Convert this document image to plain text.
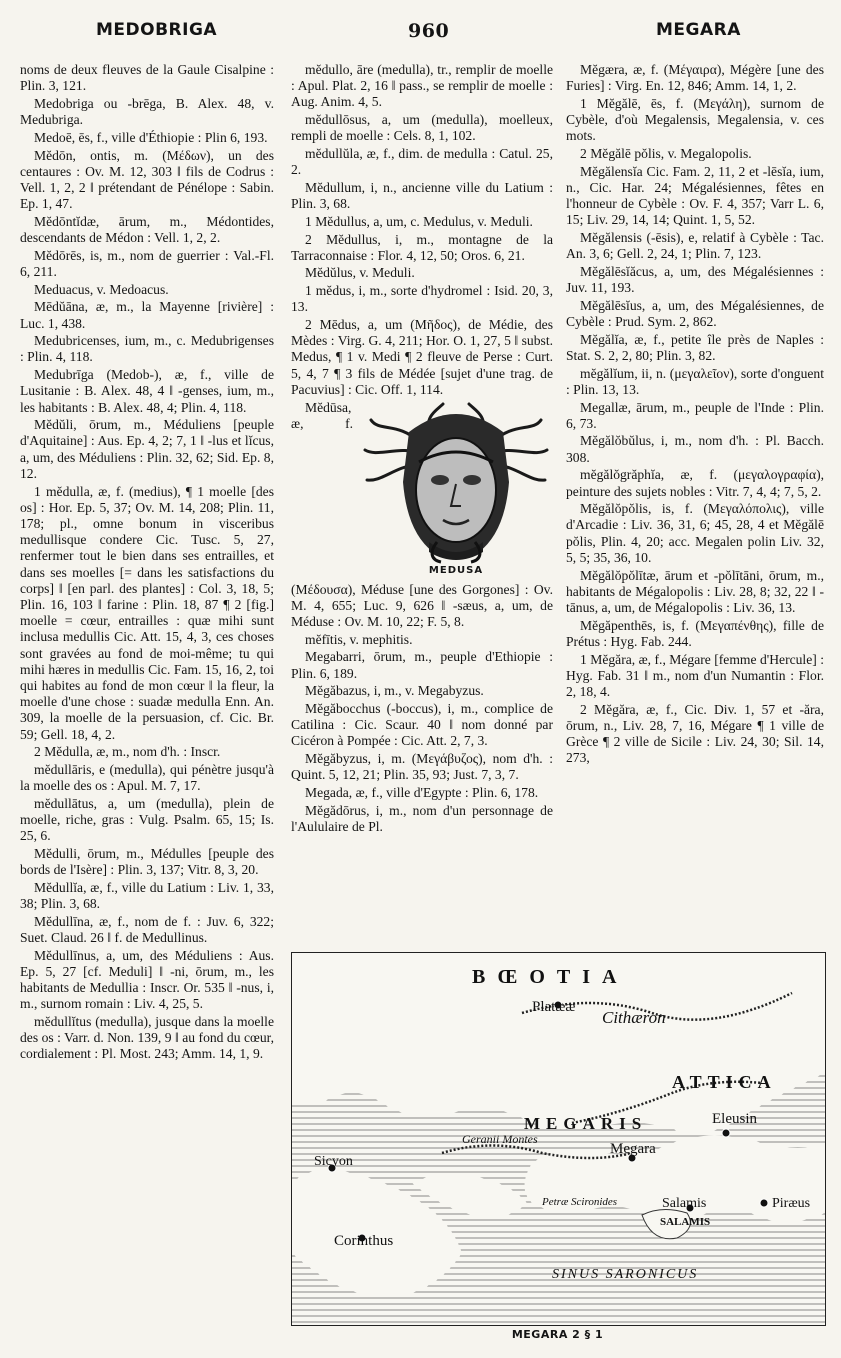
MEDOBRIGA	960	MEGARA

noms de deux fleuves de la Gaule Cisalpine : Plin. 3, 121.

Medobriga ou -brēga, B. Alex. 48, v. Medubriga.

Medoē, ēs, f., ville d'Éthiopie : Plin 6, 193.

Mĕdōn, ontis, m. (Μέδων), un des centaures : Ov. M. 12, 303 ‖ fils de Codrus : Vell. 1, 2, 2 ‖ prétendant de Pénélope : Sabin. Ep. 1, 47.

Mĕdōntĭdæ, ārum, m., Médontides, descendants de Médon : Vell. 1, 2, 2.

Mĕdōrēs, is, m., nom de guerrier : Val.-Fl. 6, 211.

Meduacus, v. Medoacus.

Mēdŭāna, æ, m., la Mayenne [rivière] : Luc. 1, 438.

Medubricenses, ium, m., c. Medubrigenses : Plin. 4, 118.

Medubrīga (Medob-), æ, f., ville de Lusitanie : B. Alex. 48, 4 ‖ -genses, ium, m., les habitants : B. Alex. 48, 4; Plin. 4, 118.

Mĕdŭli, ōrum, m., Méduliens [peuple d'Aquitaine] : Aus. Ep. 4, 2; 7, 1 ‖ -lus et lĭcus, a, um, des Méduliens : Plin. 32, 62; Sid. Ep. 8, 12.

1 mĕdulla, æ, f. (medius), ¶ 1 moelle [des os] : Hor. Ep. 5, 37; Ov. M. 14, 208; Plin. 11, 178; pl., omne bonum in visceribus medullisque condere Cic. Tusc. 5, 27, renfermer tout le bien dans ses entrailles, et dans ses moelles [= dans les satisfactions du corps] ‖ [en parl. des plantes] : Col. 3, 18, 5; Plin. 16, 103 ‖ farine : Plin. 18, 87 ¶ 2 [fig.] moelle = cœur, entrailles : quæ mihi sunt inclusa medullis Cic. Att. 15, 4, 3, ces choses sont gravées au fond de moi-même; tu qui mihi hæres in medullis Cic. Fam. 15, 16, 2, toi qui habites au fond de mon cœur ‖ la fleur, la moelle d'une chose : suadæ medulla Enn. An. 309, la moelle de la persuasion, cf. Cic. Br. 59; Gell. 18, 4, 2.

2 Mĕdulla, æ, m., nom d'h. : Inscr.

mĕdullāris, e (medulla), qui pénètre jusqu'à la moelle des os : Apul. M. 7, 17.

mĕdullātus, a, um (medulla), plein de moelle, riche, gras : Vulg. Psalm. 65, 15; Is. 25, 6.

Mĕdulli, ōrum, m., Médulles [peuple des bords de l'Isère] : Plin. 3, 137; Vitr. 8, 3, 20.

Mĕdullĭa, æ, f., ville du Latium : Liv. 1, 33, 38; Plin. 3, 68.

Mĕdullīna, æ, f., nom de f. : Juv. 6, 322; Suet. Claud. 26 ‖ f. de Medullinus.

Mĕdullīnus, a, um, des Méduliens : Aus. Ep. 5, 27 [cf. Meduli] ‖ -ni, ōrum, m., les habitants de Medullia : Inscr. Or. 535 ‖ -nus, i, m., surnom romain : Liv. 4, 25, 5.

mĕdullĭtus (medulla), jusque dans la moelle des os : Varr. d. Non. 139, 9 ‖ au fond du cœur, cordialement : Pl. Most. 243; Amm. 14, 1, 9.

mĕdullo, āre (medulla), tr., remplir de moelle : Apul. Plat. 2, 16 ‖ pass., se remplir de moelle : Aug. Anim. 4, 5.

mĕdullōsus, a, um (medulla), moelleux, rempli de moelle : Cels. 8, 1, 102.

mĕdullŭla, æ, f., dim. de medulla : Catul. 25, 2.

Mĕdullum, i, n., ancienne ville du Latium : Plin. 3, 68.

1 Mĕdullus, a, um, c. Medulus, v. Meduli.

2 Mĕdullus, i, m., montagne de la Tarraconnaise : Flor. 4, 12, 50; Oros. 6, 21.

Mĕdŭlus, v. Meduli.

1 mĕdus, i, m., sorte d'hydromel : Isid. 20, 3, 13.

2 Mēdus, a, um (Μῆδος), de Médie, des Mèdes : Virg. G. 4, 211; Hor. O. 1, 27, 5 ‖ subst. Medus, ¶ 1 v. Medi ¶ 2 fleuve de Perse : Curt. 5, 4, 7 ¶ 3 fils de Médée [sujet d'une trag. de Pacuvius] : Cic. Off. 1, 114.

MEDUSA

Mĕdūsa, æ, f. (Μέδουσα), Méduse [une des Gorgones] : Ov. M. 4, 655; Luc. 9, 626 ‖ -sæus, a, um, de Méduse : Ov. M. 10, 22; F. 5, 8.

mĕfītis, v. mephitis.

Megabarri, ōrum, m., peuple d'Ethiopie : Plin. 6, 189.

Mĕgăbazus, i, m., v. Megabyzus.

Mĕgăbocchus (-boccus), i, m., complice de Catilina : Cic. Scaur. 40 ‖ nom donné par Cicéron à Pompée : Cic. Att. 2, 7, 3.

Mĕgăbyzus, i, m. (Μεγάβυζος), nom d'h. : Quint. 5, 12, 21; Plin. 35, 93; Just. 7, 3, 7.

Megada, æ, f., ville d'Egypte : Plin. 6, 178.

Mĕgădōrus, i, m., nom d'un personnage de l'Aululaire de Pl.

Mĕgæra, æ, f. (Μέγαιρα), Mégère [une des Furies] : Virg. En. 12, 846; Amm. 14, 1, 2.

1 Mĕgălē, ēs, f. (Μεγάλη), surnom de Cybèle, d'où Megalensis, Megalensia, v. ces mots.

2 Mĕgălē pŏlis, v. Megalopolis.

Mĕgălensĭa Cic. Fam. 2, 11, 2 et -lēsĭa, ium, n., Cic. Har. 24; Mégalésiennes, fêtes en l'honneur de Cybèle : Ov. F. 4, 357; Varr L. 6, 15; Liv. 29, 14, 14; Quint. 1, 5, 52.

Mĕgălensis (-ēsis), e, relatif à Cybèle : Tac. An. 3, 6; Gell. 2, 24, 1; Plin. 7, 123.

Mĕgălēsĭăcus, a, um, des Mégalésiennes : Juv. 11, 193.

Mĕgălēsĭus, a, um, des Mégalésiennes, de Cybèle : Prud. Sym. 2, 862.

Mĕgălĭa, æ, f., petite île près de Naples : Stat. S. 2, 2, 80; Plin. 3, 82.

mĕgălĭum, ii, n. (μεγαλεῖον), sorte d'onguent : Plin. 13, 13.

Megallæ, ārum, m., peuple de l'Inde : Plin. 6, 73.

Mĕgălŏbŭlus, i, m., nom d'h. : Pl. Bacch. 308.

mĕgălŏgrăphĭa, æ, f. (μεγαλογραφία), peinture des sujets nobles : Vitr. 7, 4, 4; 7, 5, 2.

Mĕgălŏpŏlis, is, f. (Μεγαλόπολις), ville d'Arcadie : Liv. 36, 31, 6; 45, 28, 4 et Mĕgălē pŏlis, Plin. 4, 20; acc. Megalen polin Liv. 32, 5, 5; 35, 36, 10.

Mĕgălŏpŏlītæ, ārum et -pŏlītāni, ōrum, m., habitants de Mégalopolis : Liv. 28, 8; 32, 22 ‖ -tānus, a, um, de Mégalopolis : Liv. 36, 13.

Mĕgăpenthēs, is, f. (Μεγαπένθης), fille de Prétus : Hyg. Fab. 244.

1 Mĕgăra, æ, f., Mégare [femme d'Hercule] : Hyg. Fab. 31 ‖ m., nom d'un Numantin : Flor. 2, 18, 4.

2 Mĕgăra, æ, f., Cic. Div. 1, 57 et -ăra, ōrum, n., Liv. 28, 7, 16, Mégare ¶ 1 ville de Grèce ¶ 2 ville de Sicile : Liv. 24, 30; Sil. 14, 273,

BŒOTIA
Platææ
Cithæron
ATTICA
MEGARIS	Eleusin
Geranii Montes
Megara
Sicyon
Petræ Scironides	Salamis
SALAMIS
Piræus
Corinthus
SINUS SARONICUS
MEGARA 2 § 1
